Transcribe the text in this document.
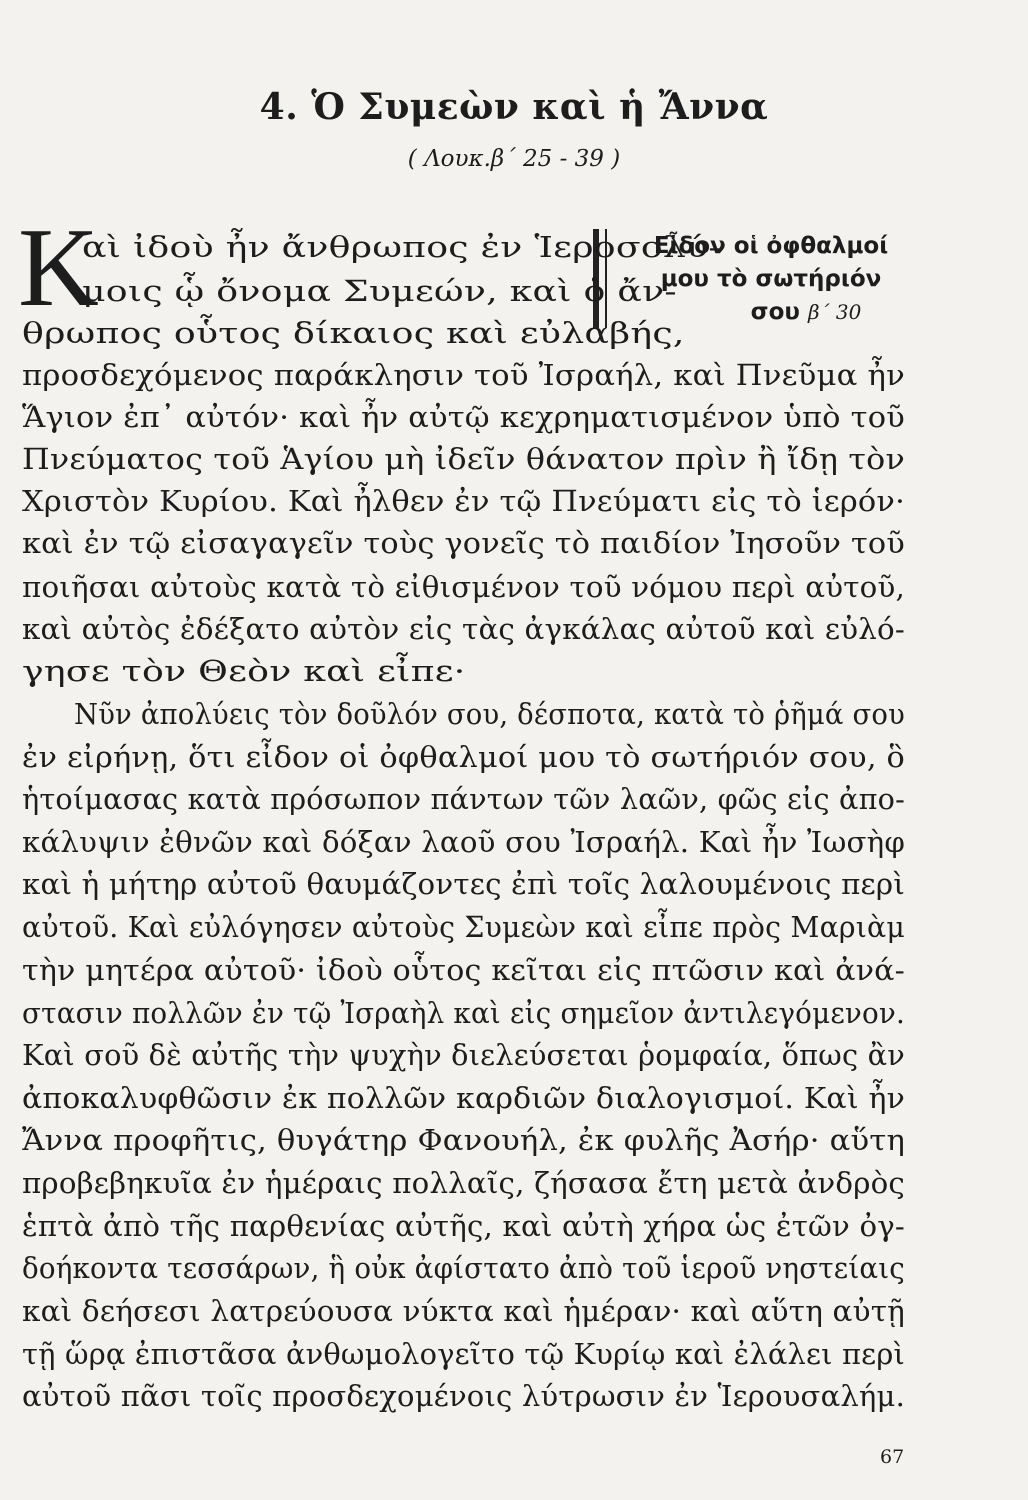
4. Ὁ Συμεὼν καὶ ἡ Ἄννα
( Λουκ.β΄ 25 - 39 )
Κ	Εἶδον οἱ ὀφθαλμοί
μου τὸ σωτήριόν
σου β΄ 30
αὶ ἰδοὺ ἦν ἄνθρωπος ἐν Ἱεροσολύ-
μοις ᾧ ὄνομα Συμεών, καὶ ὁ ἄν-
θρωπος οὗτος δίκαιος καὶ εὐλαβής,
προσδεχόμενος παράκλησιν τοῦ Ἰσραήλ, καὶ Πνεῦμα ἦν
Ἅγιον ἐπ᾿ αὐτόν· καὶ ἦν αὐτῷ κεχρηματισμένον ὑπὸ τοῦ
Πνεύματος τοῦ Ἁγίου μὴ ἰδεῖν θάνατον πρὶν ἢ ἴδῃ τὸν
Χριστὸν Κυρίου. Καὶ ἦλθεν ἐν τῷ Πνεύματι εἰς τὸ ἱερόν·
καὶ ἐν τῷ εἰσαγαγεῖν τοὺς γονεῖς τὸ παιδίον Ἰησοῦν τοῦ
ποιῆσαι αὐτοὺς κατὰ τὸ εἰθισμένον τοῦ νόμου περὶ αὐτοῦ,
καὶ αὐτὸς ἐδέξατο αὐτὸν εἰς τὰς ἀγκάλας αὐτοῦ καὶ εὐλό-
γησε τὸν Θεὸν καὶ εἶπε·
Νῦν ἀπολύεις τὸν δοῦλόν σου, δέσποτα, κατὰ τὸ ῥῆμά σου
ἐν εἰρήνῃ, ὅτι εἶδον οἱ ὀφθαλμοί μου τὸ σωτήριόν σου, ὃ
ἡτοίμασας κατὰ πρόσωπον πάντων τῶν λαῶν, φῶς εἰς ἀπο-
κάλυψιν ἐθνῶν καὶ δόξαν λαοῦ σου Ἰσραήλ. Καὶ ἦν Ἰωσὴφ
καὶ ἡ μήτηρ αὐτοῦ θαυμάζοντες ἐπὶ τοῖς λαλουμένοις περὶ
αὐτοῦ. Καὶ εὐλόγησεν αὐτοὺς Συμεὼν καὶ εἶπε πρὸς Μαριὰμ
τὴν μητέρα αὐτοῦ· ἰδοὺ οὗτος κεῖται εἰς πτῶσιν καὶ ἀνά-
στασιν πολλῶν ἐν τῷ Ἰσραὴλ καὶ εἰς σημεῖον ἀντιλεγόμενον.
Καὶ σοῦ δὲ αὐτῆς τὴν ψυχὴν διελεύσεται ῥομφαία, ὅπως ἂν
ἀποκαλυφθῶσιν ἐκ πολλῶν καρδιῶν διαλογισμοί. Καὶ ἦν
Ἄννα προφῆτις, θυγάτηρ Φανουήλ, ἐκ φυλῆς Ἀσήρ· αὕτη
προβεβηκυῖα ἐν ἡμέραις πολλαῖς, ζήσασα ἔτη μετὰ ἀνδρὸς
ἑπτὰ ἀπὸ τῆς παρθενίας αὐτῆς, καὶ αὐτὴ χήρα ὡς ἐτῶν ὀγ-
δοήκοντα τεσσάρων, ἣ οὐκ ἀφίστατο ἀπὸ τοῦ ἱεροῦ νηστείαις
καὶ δεήσεσι λατρεύουσα νύκτα καὶ ἡμέραν· καὶ αὕτη αὐτῇ
τῇ ὥρᾳ ἐπιστᾶσα ἀνθωμολογεῖτο τῷ Κυρίῳ καὶ ἐλάλει περὶ
αὐτοῦ πᾶσι τοῖς προσδεχομένοις λύτρωσιν ἐν Ἱερουσαλήμ.
67
